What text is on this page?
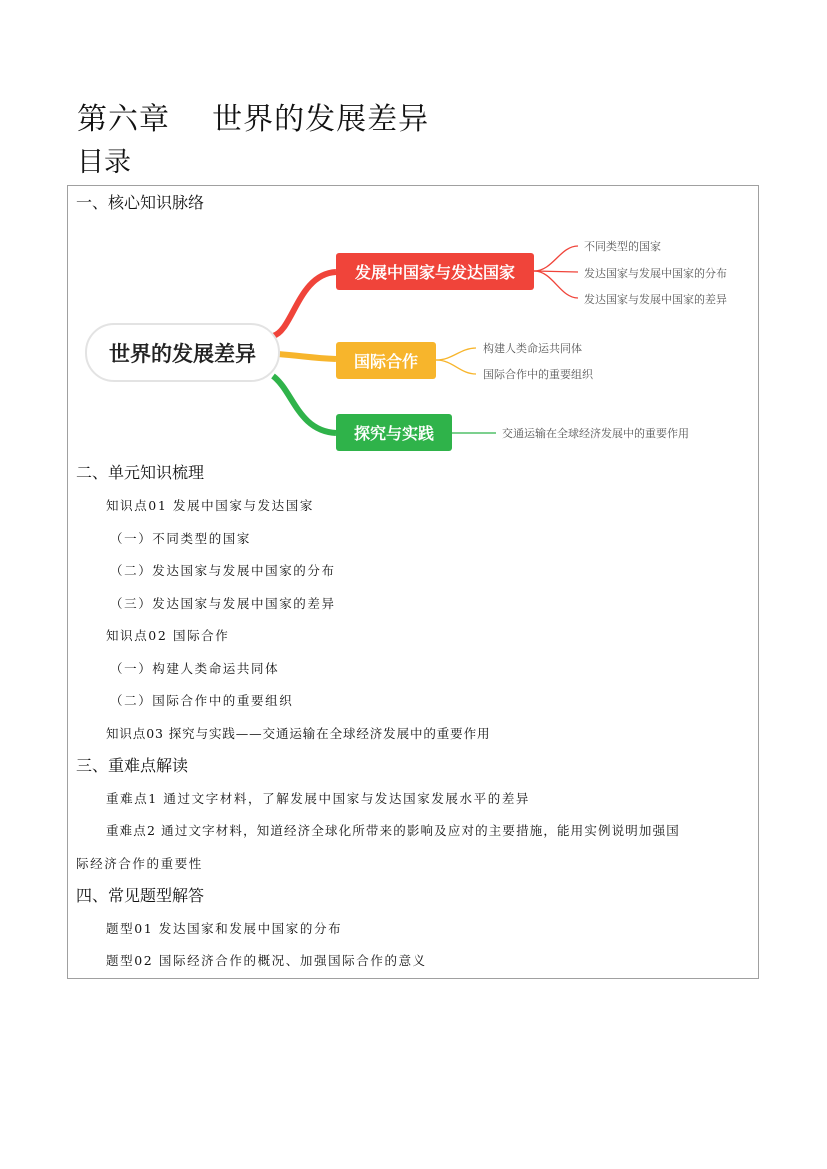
第六章    世界的发展差异
目录
一、核心知识脉络
世界的发展差异
发展中国家与发达国家
不同类型的国家
发达国家与发展中国家的分布
发达国家与发展中国家的差异
国际合作
构建人类命运共同体
国际合作中的重要组织
探究与实践	交通运输在全球经济发展中的重要作用
二、单元知识梳理
知识点01 发展中国家与发达国家
（一）不同类型的国家
（二）发达国家与发展中国家的分布
（三）发达国家与发展中国家的差异
知识点02 国际合作
（一）构建人类命运共同体
（二）国际合作中的重要组织
知识点03 探究与实践——交通运输在全球经济发展中的重要作用
三、重难点解读
重难点1 通过文字材料，了解发展中国家与发达国家发展水平的差异
重难点2 通过文字材料，知道经济全球化所带来的影响及应对的主要措施，能用实例说明加强国
际经济合作的重要性
四、常见题型解答
题型01 发达国家和发展中国家的分布
题型02 国际经济合作的概况、加强国际合作的意义
